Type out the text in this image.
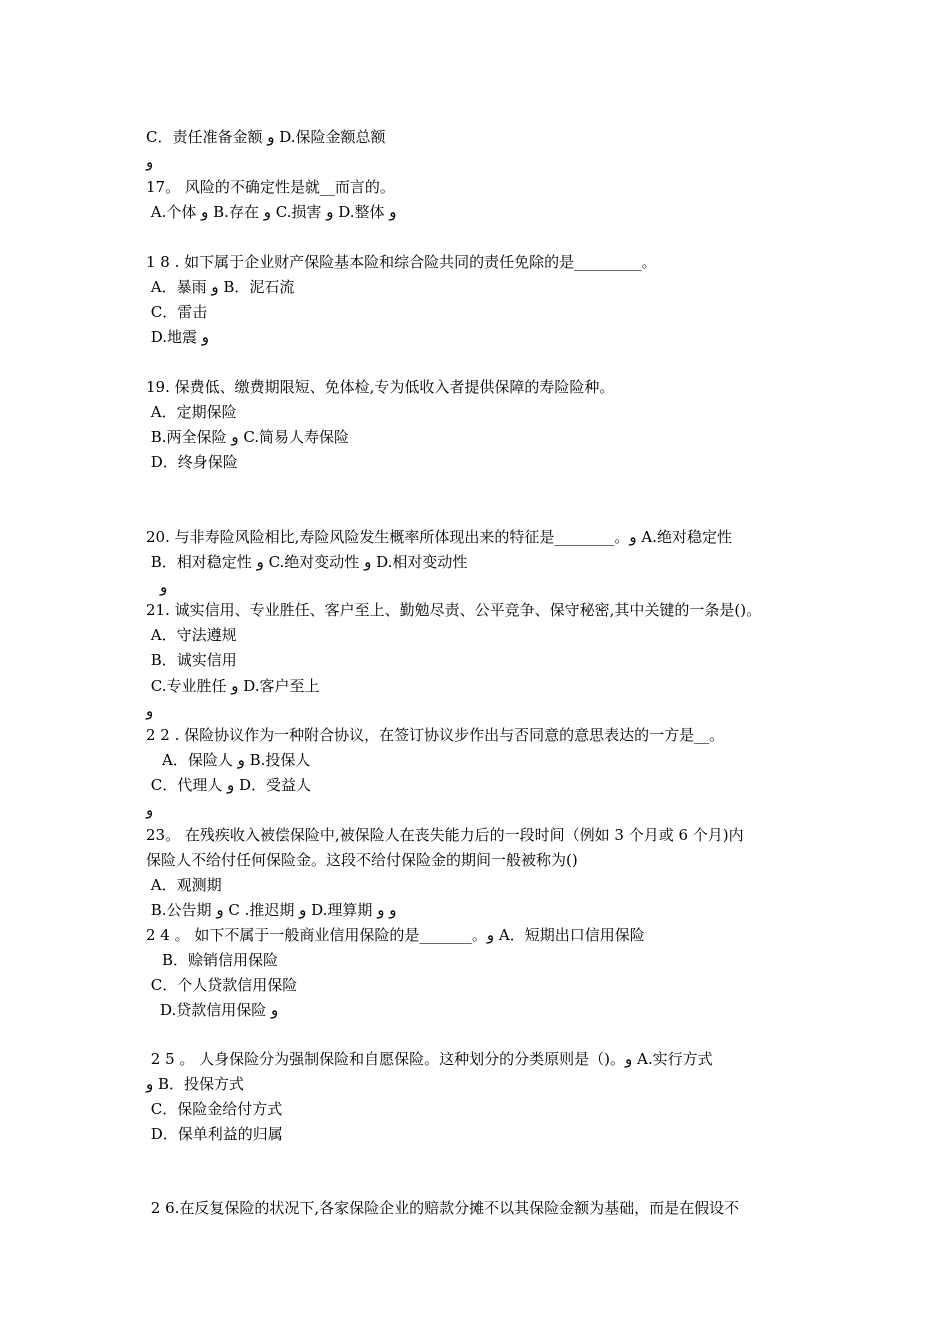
C．责任准备金额 و D.保险金额总额
و
17。 风险的不确定性是就__而言的。
A.个体 و B.存在 و C.损害 و D.整体 و
1 8 . 如下属于企业财产保险基本险和综合险共同的责任免除的是_________。
A．暴雨 و B．泥石流
C．雷击
D.地震 و
19. 保费低、缴费期限短、免体检,专为低收入者提供保障的寿险险种。
A．定期保险
B.两全保险 و C.简易人寿保险
D．终身保险
20. 与非寿险风险相比,寿险风险发生概率所体现出来的特征是________。و A.绝对稳定性
B．相对稳定性 و C.绝对变动性 و D.相对变动性
و
21. 诚实信用、专业胜任、客户至上、勤勉尽责、公平竞争、保守秘密,其中关键的一条是()。
A．守法遵规
B．诚实信用
C.专业胜任 و D.客户至上
و
2 2 . 保险协议作为一种附合协议，在签订协议步作出与否同意的意思表达的一方是__。
A．保险人 و B.投保人
C．代理人 و D．受益人
و
23。 在残疾收入被偿保险中,被保险人在丧失能力后的一段时间（例如 3 个月或 6 个月)内
保险人不给付任何保险金。这段不给付保险金的期间一般被称为()
A．观测期
B.公告期 و C .推迟期 و D.理算期 و و
2 4 。 如下不属于一般商业信用保险的是_______。و A．短期出口信用保险
B．赊销信用保险
C．个人贷款信用保险
D.贷款信用保险 و
2 5 。 人身保险分为强制保险和自愿保险。这种划分的分类原则是（)。و A.实行方式
و B．投保方式
C．保险金给付方式
D．保单利益的归属
2 6.在反复保险的状况下,各家保险企业的赔款分摊不以其保险金额为基础，而是在假设不
